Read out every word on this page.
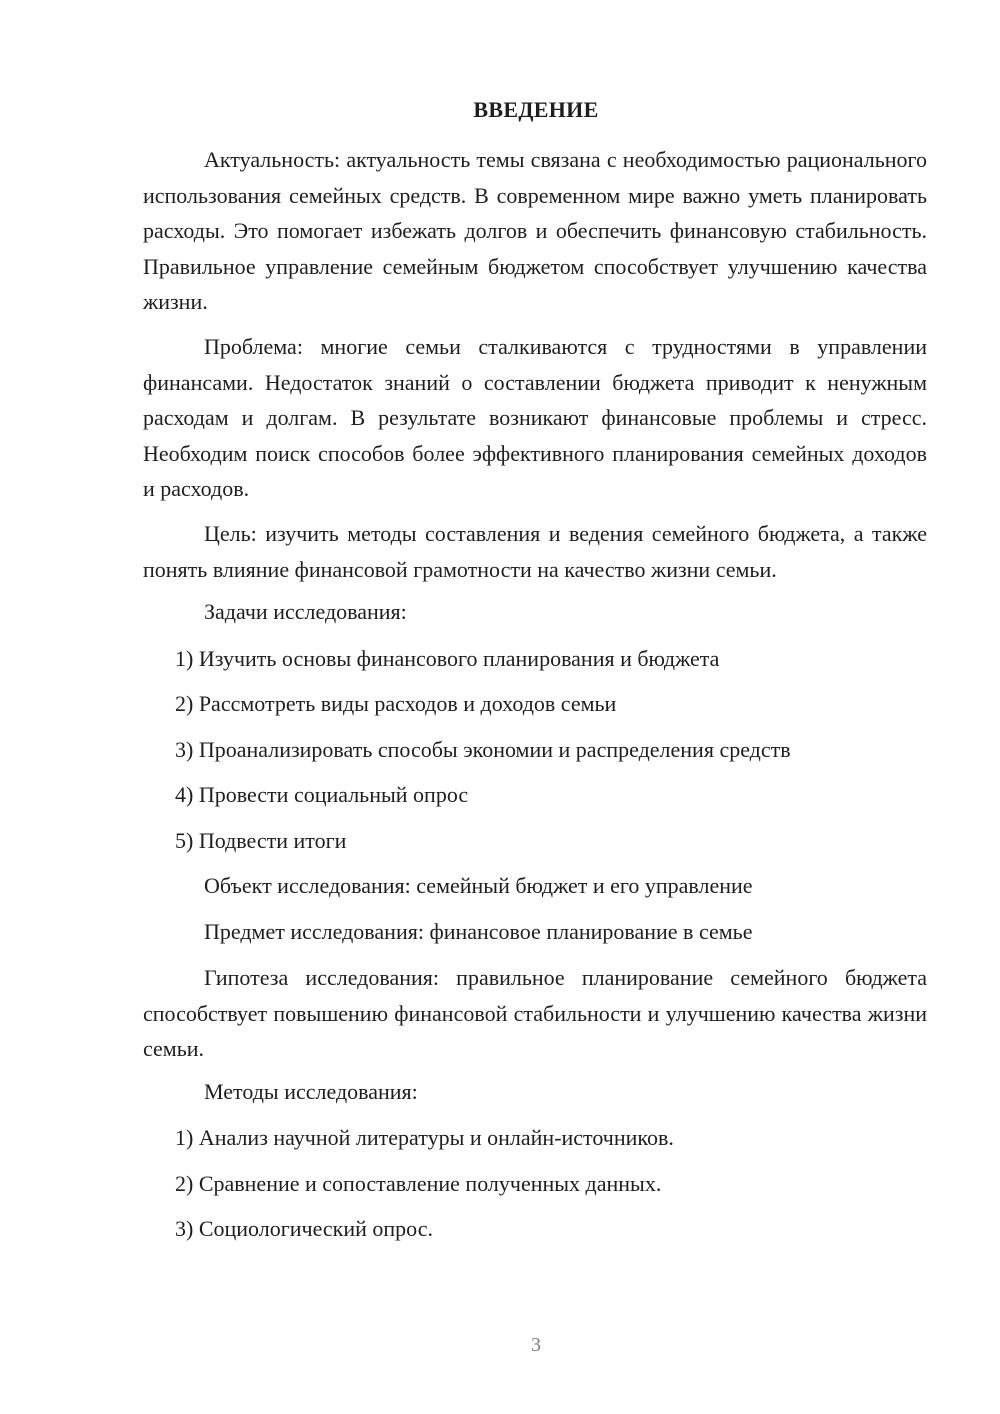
ВВЕДЕНИЕ

Актуальность: актуальность темы связана с необходимостью рационального использования семейных средств. В современном мире важно уметь планировать расходы. Это помогает избежать долгов и обеспечить финансовую стабильность. Правильное управление семейным бюджетом способствует улучшению качества жизни.

Проблема: многие семьи сталкиваются с трудностями в управлении финансами. Недостаток знаний о составлении бюджета приводит к ненужным расходам и долгам. В результате возникают финансовые проблемы и стресс. Необходим поиск способов более эффективного планирования семейных доходов и расходов.

Цель: изучить методы составления и ведения семейного бюджета, а также понять влияние финансовой грамотности на качество жизни семьи.

Задачи исследования:

1) Изучить основы финансового планирования и бюджета

2) Рассмотреть виды расходов и доходов семьи

3) Проанализировать способы экономии и распределения средств

4) Провести социальный опрос

5) Подвести итоги

Объект исследования: семейный бюджет и его управление

Предмет исследования: финансовое планирование в семье

Гипотеза исследования: правильное планирование семейного бюджета способствует повышению финансовой стабильности и улучшению качества жизни семьи.

Методы исследования:

1) Анализ научной литературы и онлайн-источников.

2) Сравнение и сопоставление полученных данных.

3) Социологический опрос.

3
